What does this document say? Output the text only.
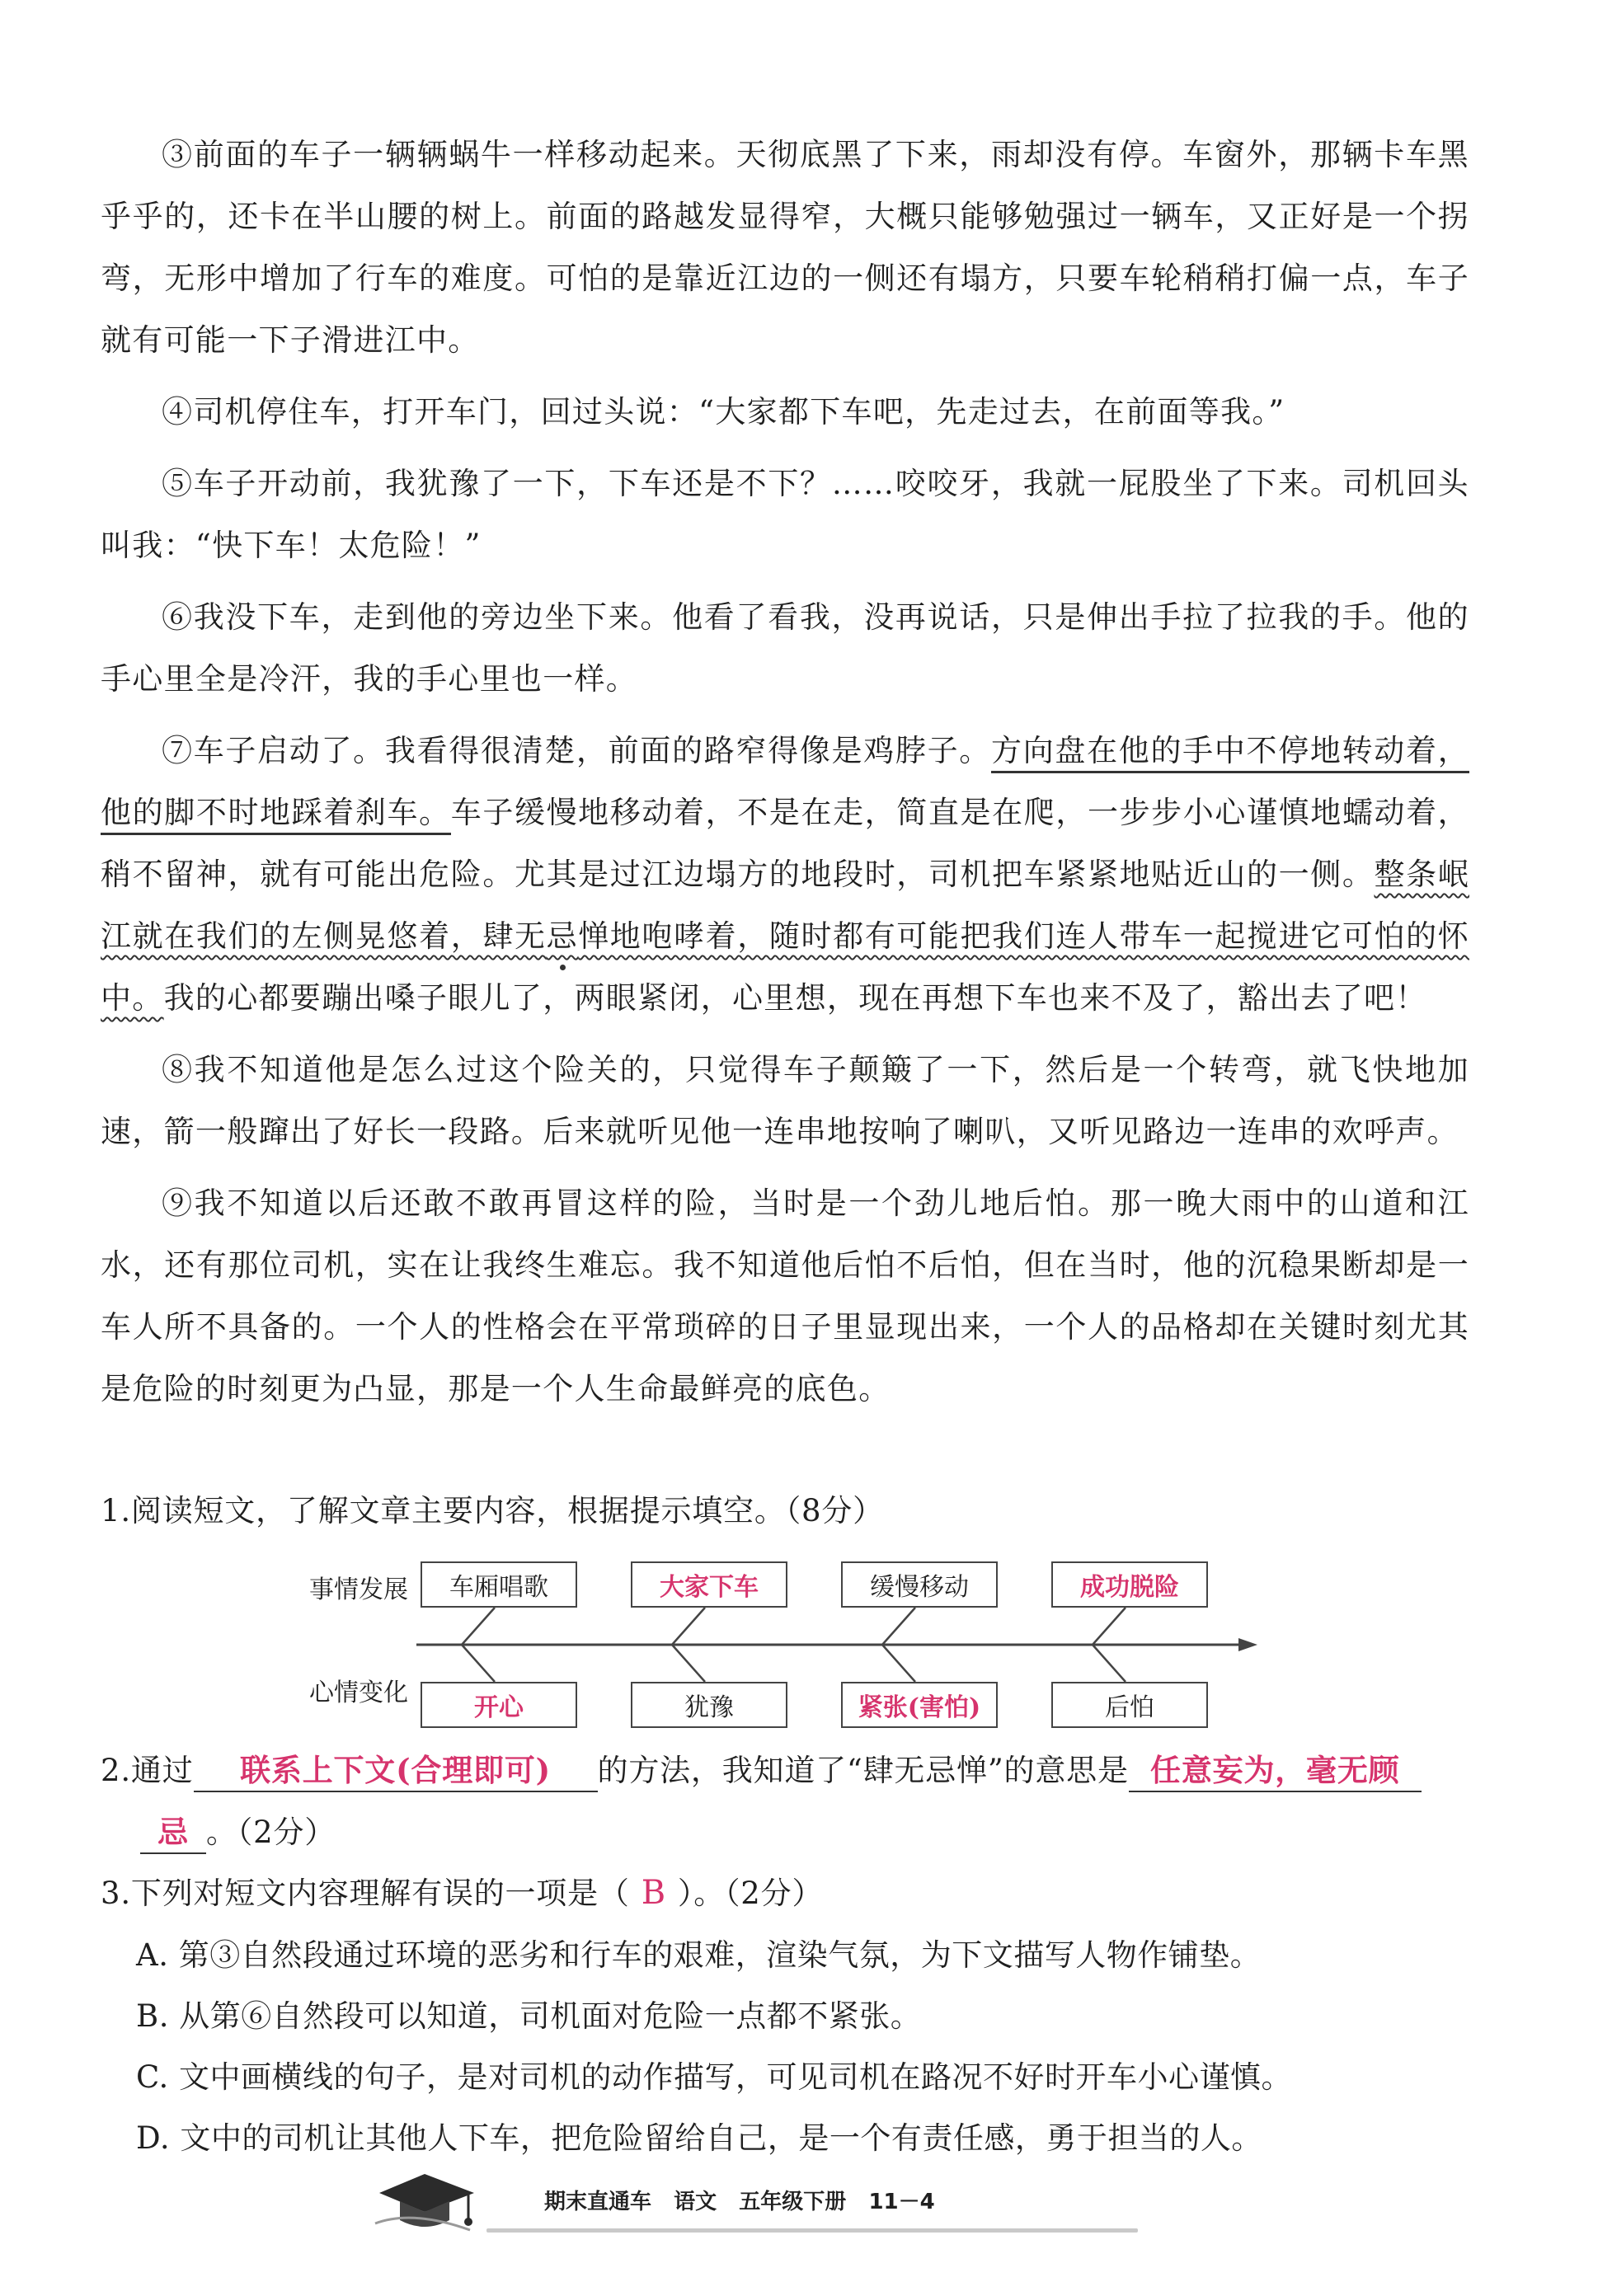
③前面的车子一辆辆蜗牛一样移动起来。天彻底黑了下来，雨却没有停。车窗外，那辆卡车黑乎乎的，还卡在半山腰的树上。前面的路越发显得窄，大概只能够勉强过一辆车，又正好是一个拐弯，无形中增加了行车的难度。可怕的是靠近江边的一侧还有塌方，只要车轮稍稍打偏一点，车子就有可能一下子滑进江中。

④司机停住车，打开车门，回过头说：“大家都下车吧，先走过去，在前面等我。”

⑤车子开动前，我犹豫了一下，下车还是不下？……咬咬牙，我就一屁股坐了下来。司机回头叫我：“快下车！太危险！”

⑥我没下车，走到他的旁边坐下来。他看了看我，没再说话，只是伸出手拉了拉我的手。他的手心里全是冷汗，我的手心里也一样。

⑦车子启动了。我看得很清楚，前面的路窄得像是鸡脖子。方向盘在他的手中不停地转动着，他的脚不时地踩着刹车。车子缓慢地移动着，不是在走，简直是在爬，一步步小心谨慎地蠕动着，稍不留神，就有可能出危险。尤其是过江边塌方的地段时，司机把车紧紧地贴近山的一侧。整条岷江就在我们的左侧晃悠着，肆无忌惮地咆哮着，随时都有可能把我们连人带车一起搅进它可怕的怀中。我的心都要蹦出嗓子眼儿了，两眼紧闭，心里想，现在再想下车也来不及了，豁出去了吧！

⑧我不知道他是怎么过这个险关的，只觉得车子颠簸了一下，然后是一个转弯，就飞快地加速，箭一般蹿出了好长一段路。后来就听见他一连串地按响了喇叭，又听见路边一连串的欢呼声。

⑨我不知道以后还敢不敢再冒这样的险，当时是一个劲儿地后怕。那一晚大雨中的山道和江水，还有那位司机，实在让我终生难忘。我不知道他后怕不后怕，但在当时，他的沉稳果断却是一车人所不具备的。一个人的性格会在平常琐碎的日子里显现出来，一个人的品格却在关键时刻尤其是危险的时刻更为凸显，那是一个人生命最鲜亮的底色。

1.阅读短文，了解文章主要内容，根据提示填空。（8分）

事情发展
心情变化
车厢唱歌	大家下车	缓慢移动	成功脱险
开心	犹豫	紧张(害怕)	后怕

2.通过 联系上下文(合理即可) 的方法，我知道了“肆无忌惮”的意思是 任意妄为，毫无顾

忌 。（2分）

3.下列对短文内容理解有误的一项是（ B ）。（2分）

A. 第③自然段通过环境的恶劣和行车的艰难，渲染气氛，为下文描写人物作铺垫。

B. 从第⑥自然段可以知道，司机面对危险一点都不紧张。

C. 文中画横线的句子，是对司机的动作描写，可见司机在路况不好时开车小心谨慎。

D. 文中的司机让其他人下车，把危险留给自己，是一个有责任感，勇于担当的人。

期末直通车   语文   五年级下册   11－4
